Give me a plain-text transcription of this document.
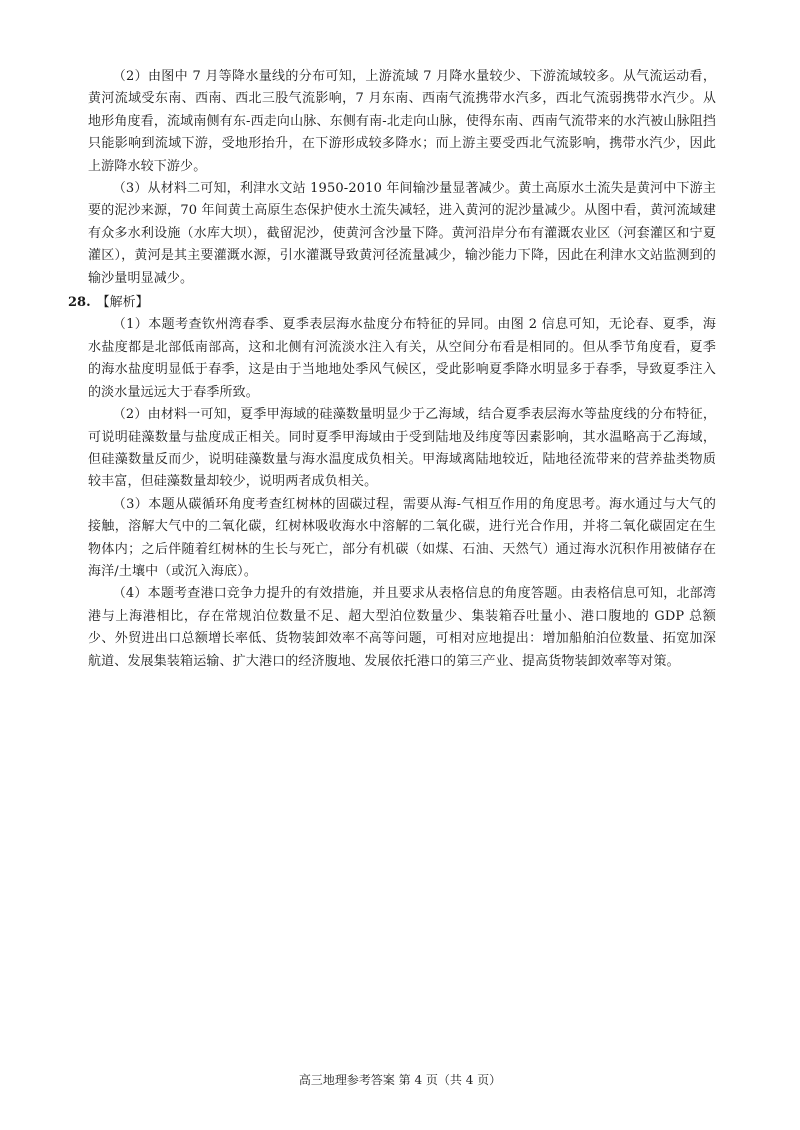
（2）由图中 7 月等降水量线的分布可知，上游流域 7 月降水量较少、下游流域较多。从气流运动看，黄河流域受东南、西南、西北三股气流影响，7 月东南、西南气流携带水汽多，西北气流弱携带水汽少。从地形角度看，流域南侧有东-西走向山脉、东侧有南-北走向山脉，使得东南、西南气流带来的水汽被山脉阻挡只能影响到流域下游，受地形抬升，在下游形成较多降水；而上游主要受西北气流影响，携带水汽少，因此上游降水较下游少。

（3）从材料二可知，利津水文站 1950-2010 年间输沙量显著减少。黄土高原水土流失是黄河中下游主要的泥沙来源，70 年间黄土高原生态保护使水土流失减轻，进入黄河的泥沙量减少。从图中看，黄河流域建有众多水利设施（水库大坝），截留泥沙，使黄河含沙量下降。黄河沿岸分布有灌溉农业区（河套灌区和宁夏灌区），黄河是其主要灌溉水源，引水灌溉导致黄河径流量减少，输沙能力下降，因此在利津水文站监测到的输沙量明显减少。

28. 【解析】

（1）本题考查钦州湾春季、夏季表层海水盐度分布特征的异同。由图 2 信息可知，无论春、夏季，海水盐度都是北部低南部高，这和北侧有河流淡水注入有关，从空间分布看是相同的。但从季节角度看，夏季的海水盐度明显低于春季，这是由于当地地处季风气候区，受此影响夏季降水明显多于春季，导致夏季注入的淡水量远远大于春季所致。

（2）由材料一可知，夏季甲海域的硅藻数量明显少于乙海域，结合夏季表层海水等盐度线的分布特征，可说明硅藻数量与盐度成正相关。同时夏季甲海域由于受到陆地及纬度等因素影响，其水温略高于乙海域，但硅藻数量反而少，说明硅藻数量与海水温度成负相关。甲海域离陆地较近，陆地径流带来的营养盐类物质较丰富，但硅藻数量却较少，说明两者成负相关。

（3）本题从碳循环角度考查红树林的固碳过程，需要从海-气相互作用的角度思考。海水通过与大气的接触，溶解大气中的二氧化碳，红树林吸收海水中溶解的二氧化碳，进行光合作用，并将二氧化碳固定在生物体内；之后伴随着红树林的生长与死亡，部分有机碳（如煤、石油、天然气）通过海水沉积作用被储存在海洋/土壤中（或沉入海底）。

（4）本题考查港口竞争力提升的有效措施，并且要求从表格信息的角度答题。由表格信息可知，北部湾港与上海港相比，存在常规泊位数量不足、超大型泊位数量少、集装箱吞吐量小、港口腹地的 GDP 总额少、外贸进出口总额增长率低、货物装卸效率不高等问题，可相对应地提出：增加船舶泊位数量、拓宽加深航道、发展集装箱运输、扩大港口的经济腹地、发展依托港口的第三产业、提高货物装卸效率等对策。

高三地理参考答案 第 4 页（共 4 页）
